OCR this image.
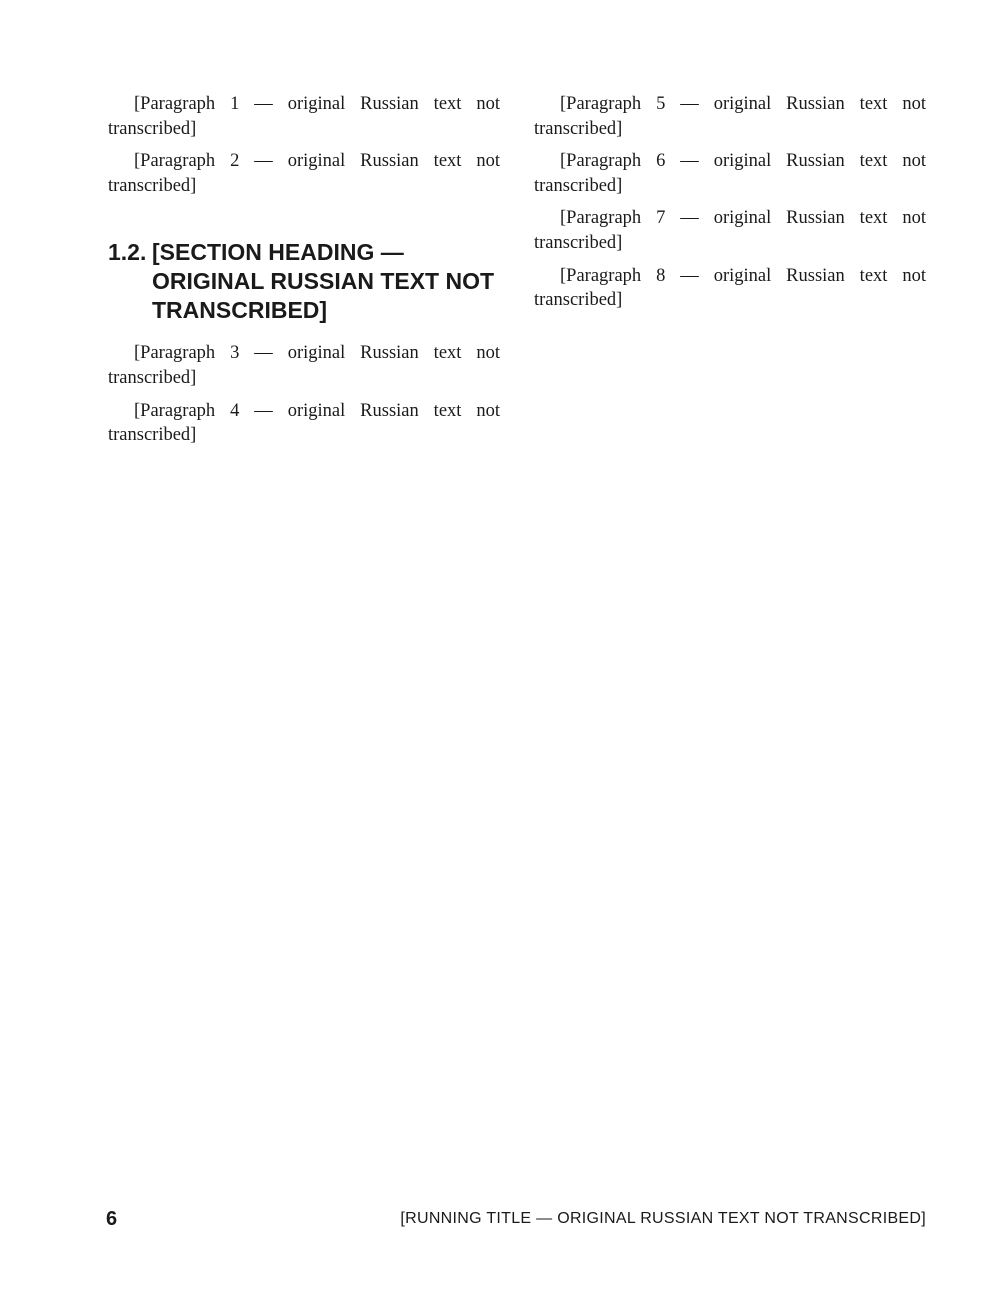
[Paragraph 1 — original Russian text not transcribed]

[Paragraph 2 — original Russian text not transcribed]

1.2. [SECTION HEADING — ORIGINAL RUSSIAN TEXT NOT TRANSCRIBED]

[Paragraph 3 — original Russian text not transcribed]

[Paragraph 4 — original Russian text not transcribed]

[Paragraph 5 — original Russian text not transcribed]

[Paragraph 6 — original Russian text not transcribed]

[Paragraph 7 — original Russian text not transcribed]

[Paragraph 8 — original Russian text not transcribed]

6	[RUNNING TITLE — ORIGINAL RUSSIAN TEXT NOT TRANSCRIBED]
